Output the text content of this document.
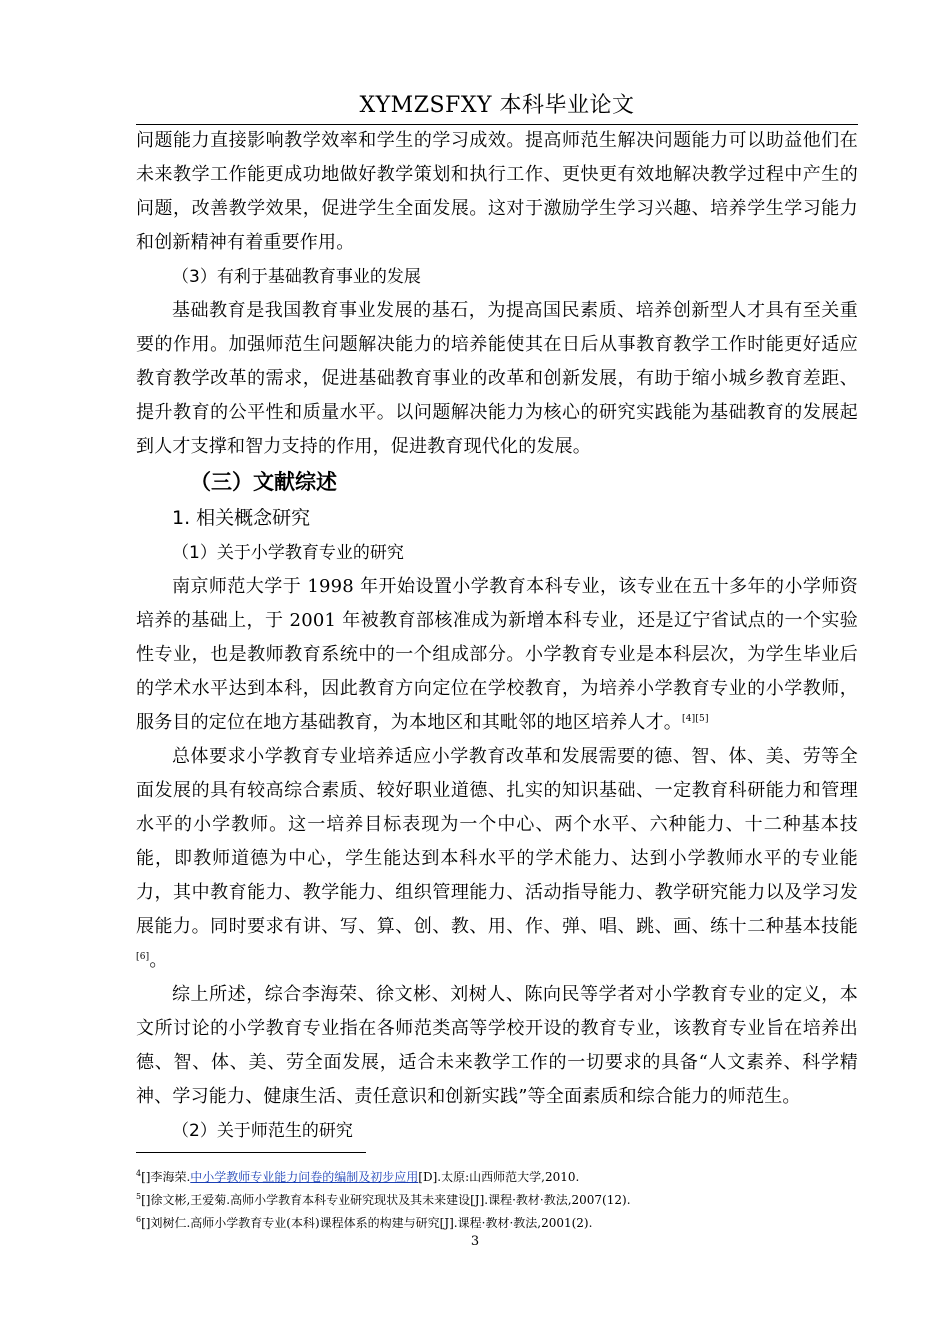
XYMZSFXY 本科毕业论文

问题能力直接影响教学效率和学生的学习成效。提高师范生解决问题能力可以助益他们在未来教学工作能更成功地做好教学策划和执行工作、更快更有效地解决教学过程中产生的问题，改善教学效果，促进学生全面发展。这对于激励学生学习兴趣、培养学生学习能力和创新精神有着重要作用。

（3）有利于基础教育事业的发展

基础教育是我国教育事业发展的基石，为提高国民素质、培养创新型人才具有至关重要的作用。加强师范生问题解决能力的培养能使其在日后从事教育教学工作时能更好适应教育教学改革的需求，促进基础教育事业的改革和创新发展，有助于缩小城乡教育差距、提升教育的公平性和质量水平。以问题解决能力为核心的研究实践能为基础教育的发展起到人才支撑和智力支持的作用，促进教育现代化的发展。

（三）文献综述

1. 相关概念研究

（1）关于小学教育专业的研究

南京师范大学于 1998 年开始设置小学教育本科专业，该专业在五十多年的小学师资培养的基础上，于 2001 年被教育部核准成为新增本科专业，还是辽宁省试点的一个实验性专业，也是教师教育系统中的一个组成部分。小学教育专业是本科层次，为学生毕业后的学术水平达到本科，因此教育方向定位在学校教育，为培养小学教育专业的小学教师，服务目的定位在地方基础教育，为本地区和其毗邻的地区培养人才。[4][5]

总体要求小学教育专业培养适应小学教育改革和发展需要的德、智、体、美、劳等全面发展的具有较高综合素质、较好职业道德、扎实的知识基础、一定教育科研能力和管理水平的小学教师。这一培养目标表现为一个中心、两个水平、六种能力、十二种基本技能，即教师道德为中心，学生能达到本科水平的学术能力、达到小学教师水平的专业能力，其中教育能力、教学能力、组织管理能力、活动指导能力、教学研究能力以及学习发展能力。同时要求有讲、写、算、创、教、用、作、弹、唱、跳、画、练十二种基本技能[6]。

综上所述，综合李海荣、徐文彬、刘树人、陈向民等学者对小学教育专业的定义，本文所讨论的小学教育专业指在各师范类高等学校开设的教育专业，该教育专业旨在培养出德、智、体、美、劳全面发展，适合未来教学工作的一切要求的具备“人文素养、科学精神、学习能力、健康生活、责任意识和创新实践”等全面素质和综合能力的师范生。

（2）关于师范生的研究

$^4$[]李海荣.中小学教师专业能力问卷的编制及初步应用[D].太原:山西师范大学,2010.

$^5$[]徐文彬,王爱菊.高师小学教育本科专业研究现状及其未来建设[J].课程·教材·教法,2007(12).

$^6$[]刘树仁.高师小学教育专业(本科)课程体系的构建与研究[J].课程·教材·教法,2001(2).

3
